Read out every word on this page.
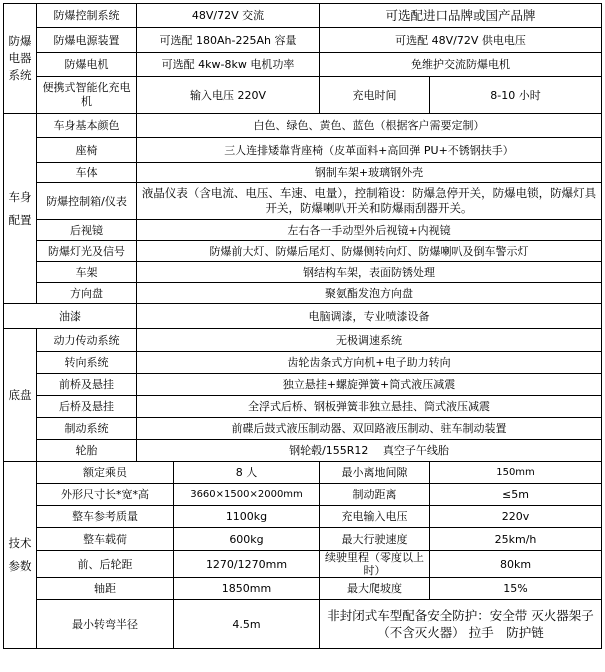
防爆电器系统	防爆控制系统	48V/72V 交流		可选配进口品牌或国产品牌	
	防爆电源装置	可选配 180Ah-225Ah 容量		可选配 48V/72V 供电电压	
	防爆电机	可选配 4kw-8kw 电机功率		免维护交流防爆电机	
	便携式智能化充电机	输入电压 220V		充电时间	8-10 小时
车身配置	车身基本颜色	白色、绿色、黄色、蓝色（根据客户需要定制）			
	座椅	三人连排矮靠背座椅（皮革面料+高回弹 PU+不锈钢扶手）			
	车体	钢制车架+玻璃钢外壳			
	防爆控制箱/仪表	液晶仪表（含电流、电压、车速、电量），控制箱设：防爆急停开关，防爆电锁，防爆灯具开关，防爆喇叭开关和防爆雨刮器开关。			
	后视镜	左右各一手动型外后视镜+内视镜			
	防爆灯光及信号	防爆前大灯、防爆后尾灯、防爆侧转向灯、防爆喇叭及倒车警示灯			
	车架	钢结构车架，表面防锈处理			
	方向盘	聚氨酯发泡方向盘			
油漆		电脑调漆，专业喷漆设备			
底盘	动力传动系统	无极调速系统			
	转向系统	齿轮齿条式方向机+电子助力转向			
	前桥及悬挂	独立悬挂+螺旋弹簧+筒式液压减震			
	后桥及悬挂	全浮式后桥、钢板弹簧非独立悬挂、筒式液压减震			
	制动系统	前碟后鼓式液压制动器、双回路液压制动、驻车制动装置			
	轮胎	钢轮毂/155R12　 真空子午线胎			
技术参数	额定乘员		8 人	最小离地间隙	150mm
	外形尺寸长*宽*高		3660×1500×2000mm	制动距离	≤5m
	整车参考质量		1100kg	充电输入电压	220v
	整车载荷		600kg	最大行驶速度	25km/h
	前、后轮距		1270/1270mm	续驶里程（零度以上时）	80km
	轴距		1850mm	最大爬坡度	15%
	最小转弯半径		4.5m	非封闭式车型配备安全防护：安全带 灭火器架子（不含灭火器） 拉手　防护链	
